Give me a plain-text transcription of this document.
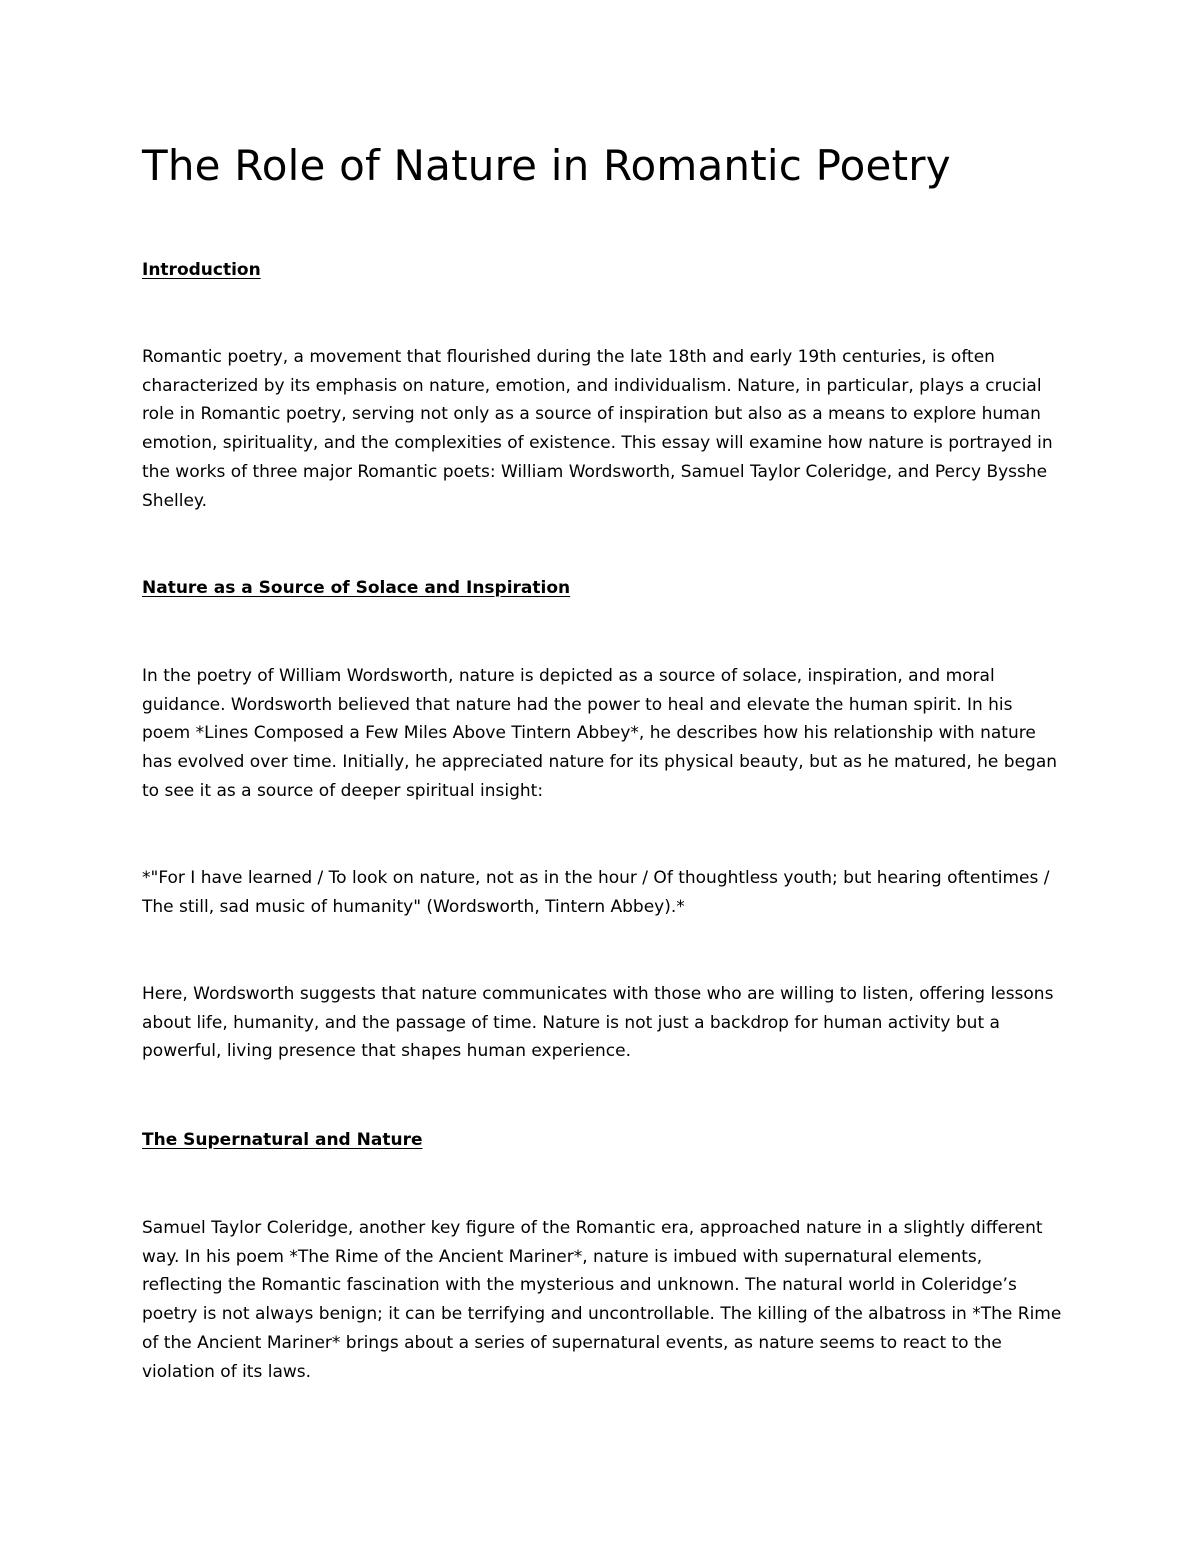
The Role of Nature in Romantic Poetry
Introduction

Romantic poetry, a movement that flourished during the late 18th and early 19th centuries, is often characterized by its emphasis on nature, emotion, and individualism. Nature, in particular, plays a crucial role in Romantic poetry, serving not only as a source of inspiration but also as a means to explore human emotion, spirituality, and the complexities of existence. This essay will examine how nature is portrayed in the works of three major Romantic poets: William Wordsworth, Samuel Taylor Coleridge, and Percy Bysshe Shelley.

Nature as a Source of Solace and Inspiration

In the poetry of William Wordsworth, nature is depicted as a source of solace, inspiration, and moral guidance. Wordsworth believed that nature had the power to heal and elevate the human spirit. In his poem *Lines Composed a Few Miles Above Tintern Abbey*, he describes how his relationship with nature has evolved over time. Initially, he appreciated nature for its physical beauty, but as he matured, he began to see it as a source of deeper spiritual insight:

*"For I have learned / To look on nature, not as in the hour / Of thoughtless youth; but hearing oftentimes / The still, sad music of humanity" (Wordsworth, Tintern Abbey).*

Here, Wordsworth suggests that nature communicates with those who are willing to listen, offering lessons about life, humanity, and the passage of time. Nature is not just a backdrop for human activity but a powerful, living presence that shapes human experience.

The Supernatural and Nature

Samuel Taylor Coleridge, another key figure of the Romantic era, approached nature in a slightly different way. In his poem *The Rime of the Ancient Mariner*, nature is imbued with supernatural elements, reflecting the Romantic fascination with the mysterious and unknown. The natural world in Coleridge’s poetry is not always benign; it can be terrifying and uncontrollable. The killing of the albatross in *The Rime of the Ancient Mariner* brings about a series of supernatural events, as nature seems to react to the violation of its laws.
